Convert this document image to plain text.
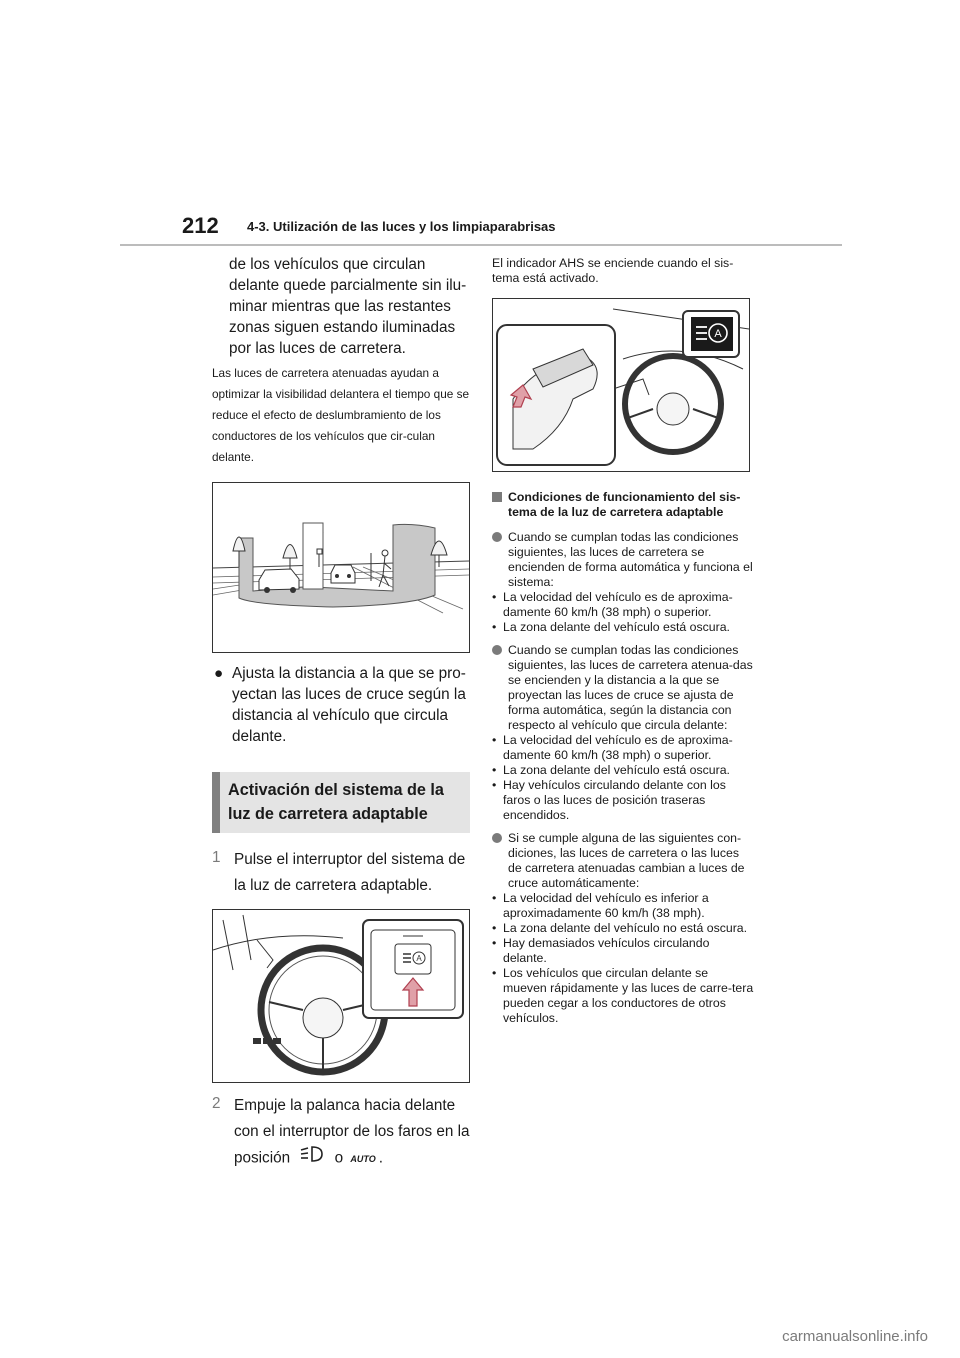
212 4-3. Utilización de las luces y los limpiaparabrisas
de los vehículos que circulan delante quede parcialmente sin ilu-minar mientras que las restantes zonas siguen estando iluminadas por las luces de carretera.
Las luces de carretera atenuadas ayudan a optimizar la visibilidad delantera el tiempo que se reduce el efecto de deslumbramiento de los conductores de los vehículos que cir-culan delante.
● Ajusta la distancia a la que se pro-yectan las luces de cruce según la distancia al vehículo que circula delante.
Activación del sistema de la luz de carretera adaptable
1 Pulse el interruptor del sistema de la luz de carretera adaptable.
A
2 Empuje la palanca hacia delante con el interruptor de los faros en la posición	o AUTO .
El indicador AHS se enciende cuando el sis-tema está activado.
A
Condiciones de funcionamiento del sis-tema de la luz de carretera adaptable
Cuando se cumplan todas las condiciones siguientes, las luces de carretera se encienden de forma automática y funciona el sistema:
• La velocidad del vehículo es de aproxima-damente 60 km/h (38 mph) o superior.
• La zona delante del vehículo está oscura.
Cuando se cumplan todas las condiciones siguientes, las luces de carretera atenua-das se encienden y la distancia a la que se proyectan las luces de cruce se ajusta de forma automática, según la distancia con respecto al vehículo que circula delante:
• La velocidad del vehículo es de aproxima-damente 60 km/h (38 mph) o superior.
• La zona delante del vehículo está oscura.
• Hay vehículos circulando delante con los faros o las luces de posición traseras encendidos.
Si se cumple alguna de las siguientes con-diciones, las luces de carretera o las luces de carretera atenuadas cambian a luces de cruce automáticamente:
• La velocidad del vehículo es inferior a aproximadamente 60 km/h (38 mph).
• La zona delante del vehículo no está oscura.
• Hay demasiados vehículos circulando delante.
• Los vehículos que circulan delante se mueven rápidamente y las luces de carre-tera pueden cegar a los conductores de otros vehículos.
carmanualsonline.info
